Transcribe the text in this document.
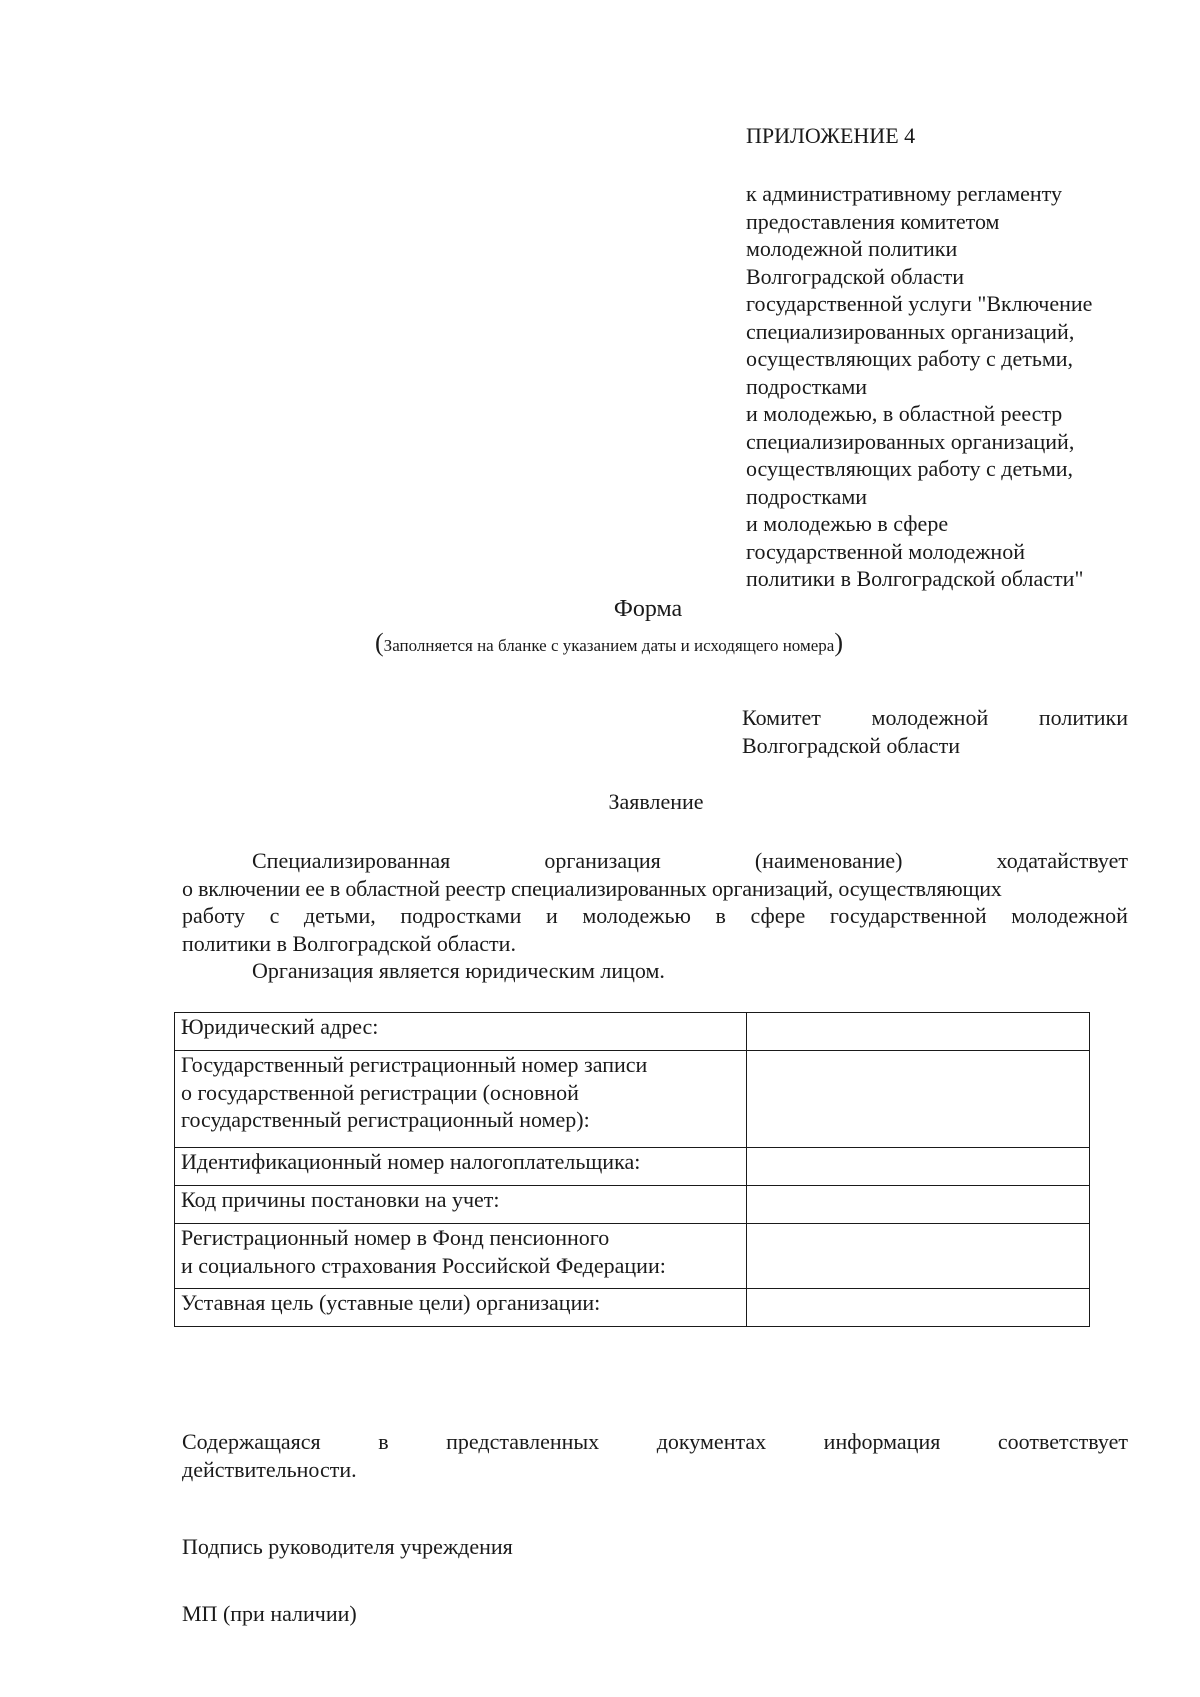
ПРИЛОЖЕНИЕ 4
к административному регламенту
предоставления комитетом
молодежной политики
Волгоградской области
государственной услуги "Включение
специализированных организаций,
осуществляющих работу с детьми,
подростками
и молодежью, в областной реестр
специализированных организаций,
осуществляющих работу с детьми,
подростками
и молодежью в сфере
государственной молодежной
политики в Волгоградской области"
Форма
(Заполняется на бланке с указанием даты и исходящего номера)
Комитет молодежной политики
Волгоградской области
Заявление
Специализированная	организация	(наименование)	ходатайствует
о включении ее в областной реестр специализированных организаций, осуществляющих
работу с детьми, подростками и молодежью в сфере государственной молодежной
политики в Волгоградской области.
Организация является юридическим лицом.
Юридический адрес:	

Государственный регистрационный номер записи
о государственной регистрации (основной
государственный регистрационный номер):	

Идентификационный номер налогоплательщика:	

Код причины постановки на учет:	

Регистрационный номер в Фонд пенсионного
и социального страхования Российской Федерации:	

Уставная цель (уставные цели) организации:	

Содержащаяся	в	представленных	документах	информация	соответствует
действительности.
Подпись руководителя учреждения
МП (при наличии)
